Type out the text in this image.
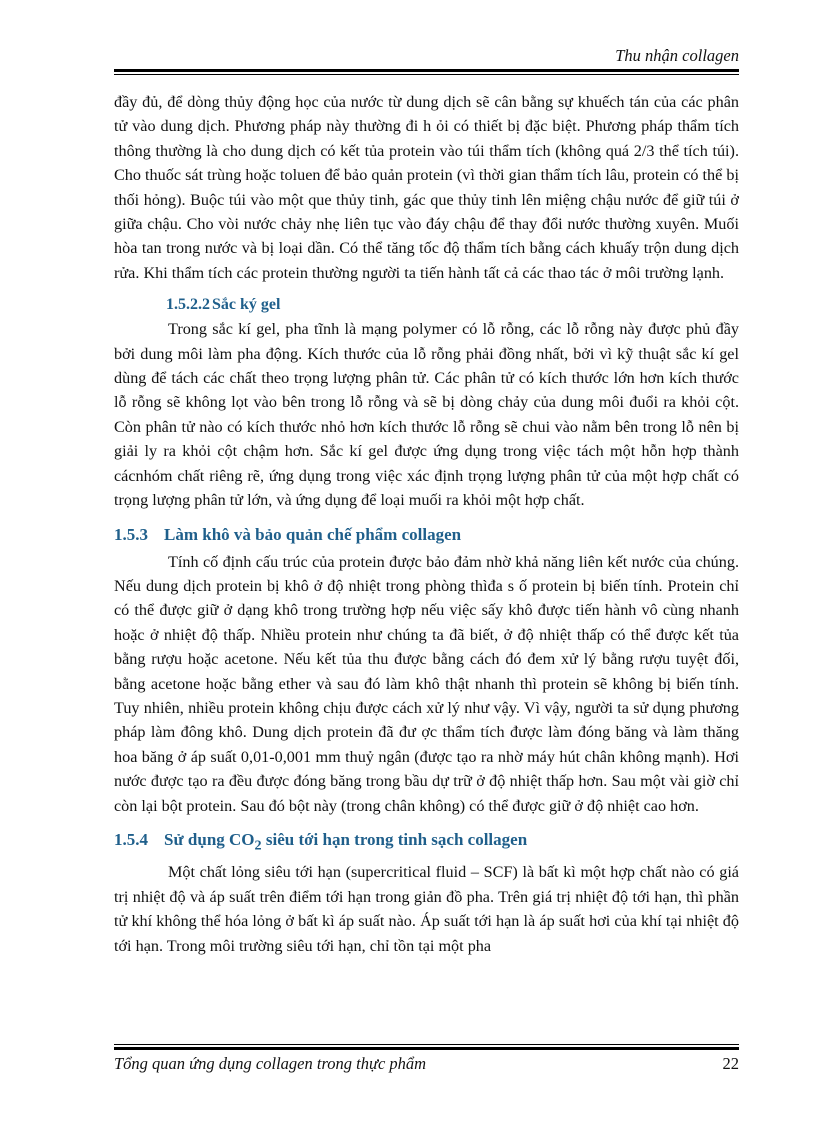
Thu nhận collagen

đầy đủ, để dòng thủy động học của nước từ dung dịch sẽ cân bằng sự khuếch tán của các phân tử vào dung dịch. Phương pháp này thường đi h ỏi có thiết bị đặc biệt. Phương pháp thẩm tích thông thường là cho dung dịch có kết tủa protein vào túi thẩm tích (không quá 2/3 thể tích túi). Cho thuốc sát trùng hoặc toluen để bảo quản protein (vì thời gian thẩm tích lâu, protein có thể bị thối hỏng). Buộc túi vào một que thủy tinh, gác que thủy tinh lên miệng chậu nước để giữ túi ở giữa chậu. Cho vòi nước chảy nhẹ liên tục vào đáy chậu để thay đổi nước thường xuyên. Muối hòa tan trong nước và bị loại dần. Có thể tăng tốc độ thẩm tích bằng cách khuấy trộn dung dịch rửa. Khi thẩm tích các protein thường người ta tiến hành tất cả các thao tác ở môi trường lạnh.

1.5.2.2 Sắc ký gel

Trong sắc kí gel, pha tĩnh là mạng polymer có lỗ rỗng, các lỗ rỗng này được phủ đầy bởi dung môi làm pha động. Kích thước của lỗ rỗng phải đồng nhất, bởi vì kỹ thuật sắc kí gel dùng để tách các chất theo trọng lượng phân tử. Các phân tử có kích thước lớn hơn kích thước lỗ rỗng sẽ không lọt vào bên trong lỗ rỗng và sẽ bị dòng chảy của dung môi đuổi ra khỏi cột. Còn phân tử nào có kích thước nhỏ hơn kích thước lỗ rỗng sẽ chui vào nằm bên trong lỗ nên bị giải ly ra khỏi cột chậm hơn. Sắc kí gel được ứng dụng trong việc tách một hỗn hợp thành cácnhóm chất riêng rẽ, ứng dụng trong việc xác định trọng lượng phân tử của một hợp chất có trọng lượng phân tử lớn, và ứng dụng để loại muối ra khỏi một hợp chất.

1.5.3 Làm khô và bảo quản chế phẩm collagen

Tính cố định cấu trúc của protein được bảo đảm nhờ khả năng liên kết nước của chúng. Nếu dung dịch protein bị khô ở độ nhiệt trong phòng thìđa s ố protein bị biến tính. Protein chỉ có thể được giữ ở dạng khô trong trường hợp nếu việc sấy khô được tiến hành vô cùng nhanh hoặc ở nhiệt độ thấp. Nhiều protein như chúng ta đã biết, ở độ nhiệt thấp có thể được kết tủa bằng rượu hoặc acetone. Nếu kết tủa thu được bằng cách đó đem xử lý bằng rượu tuyệt đối, bằng acetone hoặc bằng ether và sau đó làm khô thật nhanh thì protein sẽ không bị biến tính. Tuy nhiên, nhiều protein không chịu được cách xử lý như vậy. Vì vậy, người ta sử dụng phương pháp làm đông khô. Dung dịch protein đã đư ợc thẩm tích được làm đóng băng và làm thăng hoa băng ở áp suất 0,01-0,001 mm thuỷ ngân (được tạo ra nhờ máy hút chân không mạnh). Hơi nước được tạo ra đều được đóng băng trong bầu dự trữ ở độ nhiệt thấp hơn. Sau một vài giờ chỉ còn lại bột protein. Sau đó bột này (trong chân không) có thể được giữ ở độ nhiệt cao hơn.

1.5.4 Sử dụng $CO_2$ siêu tới hạn trong tinh sạch collagen

Một chất lỏng siêu tới hạn (supercritical fluid – SCF) là bất kì một hợp chất nào có giá trị nhiệt độ và áp suất trên điểm tới hạn trong giản đồ pha. Trên giá trị nhiệt độ tới hạn, thì phần tử khí không thể hóa lỏng ở bất kì áp suất nào. Áp suất tới hạn là áp suất hơi của khí tại nhiệt độ tới hạn. Trong môi trường siêu tới hạn, chỉ tồn tại một pha

Tổng quan ứng dụng collagen trong thực phẩm	22
